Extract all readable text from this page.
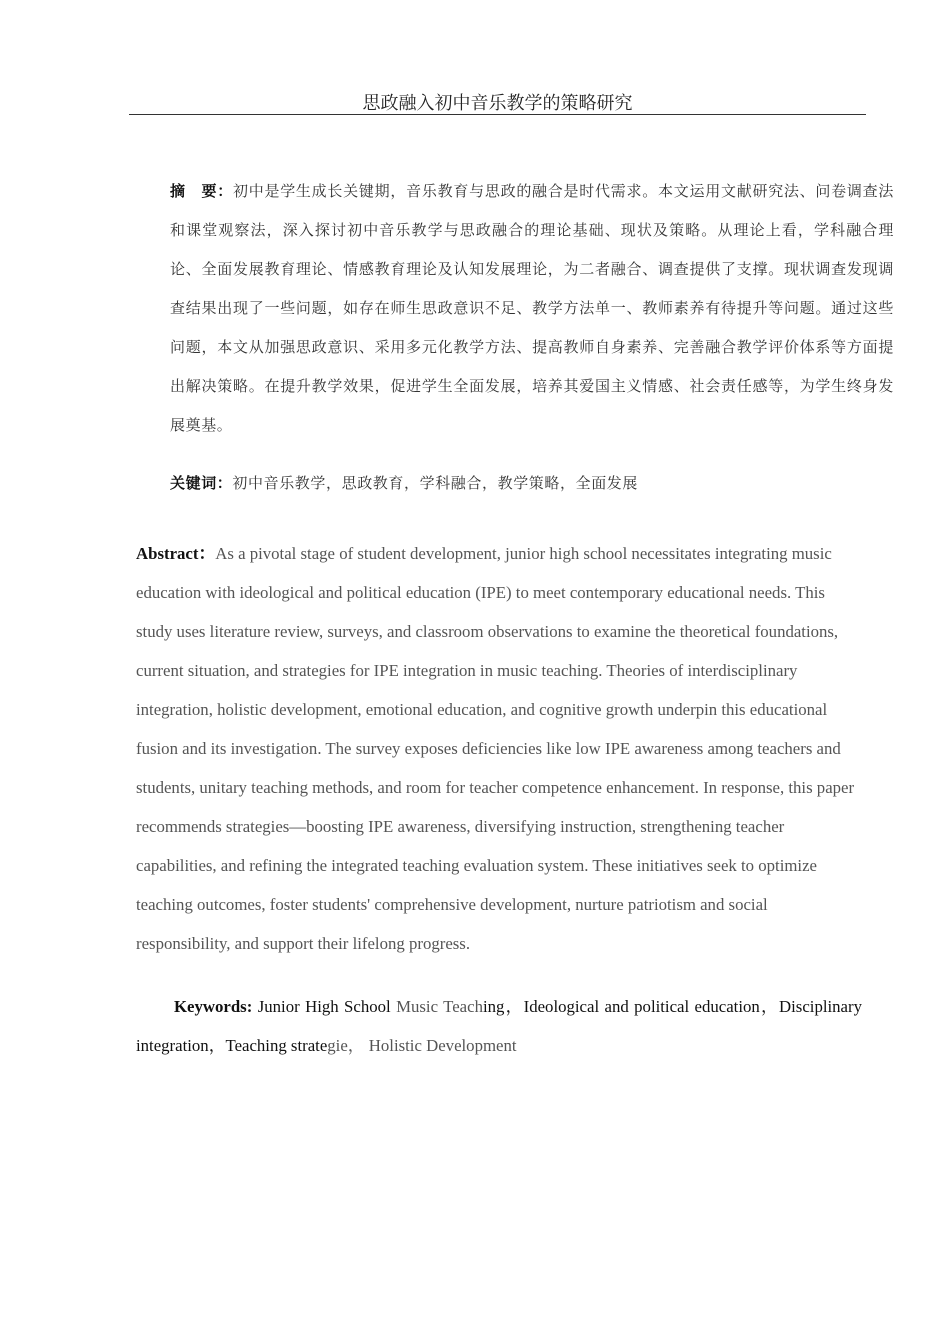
思政融入初中音乐教学的策略研究

摘　要：初中是学生成长关键期，音乐教育与思政的融合是时代需求。本文运用文献研究法、问卷调查法和课堂观察法，深入探讨初中音乐教学与思政融合的理论基础、现状及策略。从理论上看，学科融合理论、全面发展教育理论、情感教育理论及认知发展理论，为二者融合、调查提供了支撑。现状调查发现调查结果出现了一些问题，如存在师生思政意识不足、教学方法单一、教师素养有待提升等问题。通过这些问题，本文从加强思政意识、采用多元化教学方法、提高教师自身素养、完善融合教学评价体系等方面提出解决策略。在提升教学效果，促进学生全面发展，培养其爱国主义情感、社会责任感等，为学生终身发展奠基。

关键词：初中音乐教学，思政教育，学科融合，教学策略，全面发展

Abstract：As a pivotal stage of student development, junior high school necessitates integrating music education with ideological and political education (IPE) to meet contemporary educational needs. This study uses literature review, surveys, and classroom observations to examine the theoretical foundations, current situation, and strategies for IPE integration in music teaching. Theories of interdisciplinary integration, holistic development, emotional education, and cognitive growth underpin this educational fusion and its investigation. The survey exposes deficiencies like low IPE awareness among teachers and students, unitary teaching methods, and room for teacher competence enhancement. In response, this paper recommends strategies—boosting IPE awareness, diversifying instruction, strengthening teacher capabilities, and refining the integrated teaching evaluation system. These initiatives seek to optimize teaching outcomes, foster students' comprehensive development, nurture patriotism and social responsibility, and support their lifelong progress.

Keywords: Junior High School Music Teaching，Ideological and political education，Disciplinary integration，Teaching strategie， Holistic Development
